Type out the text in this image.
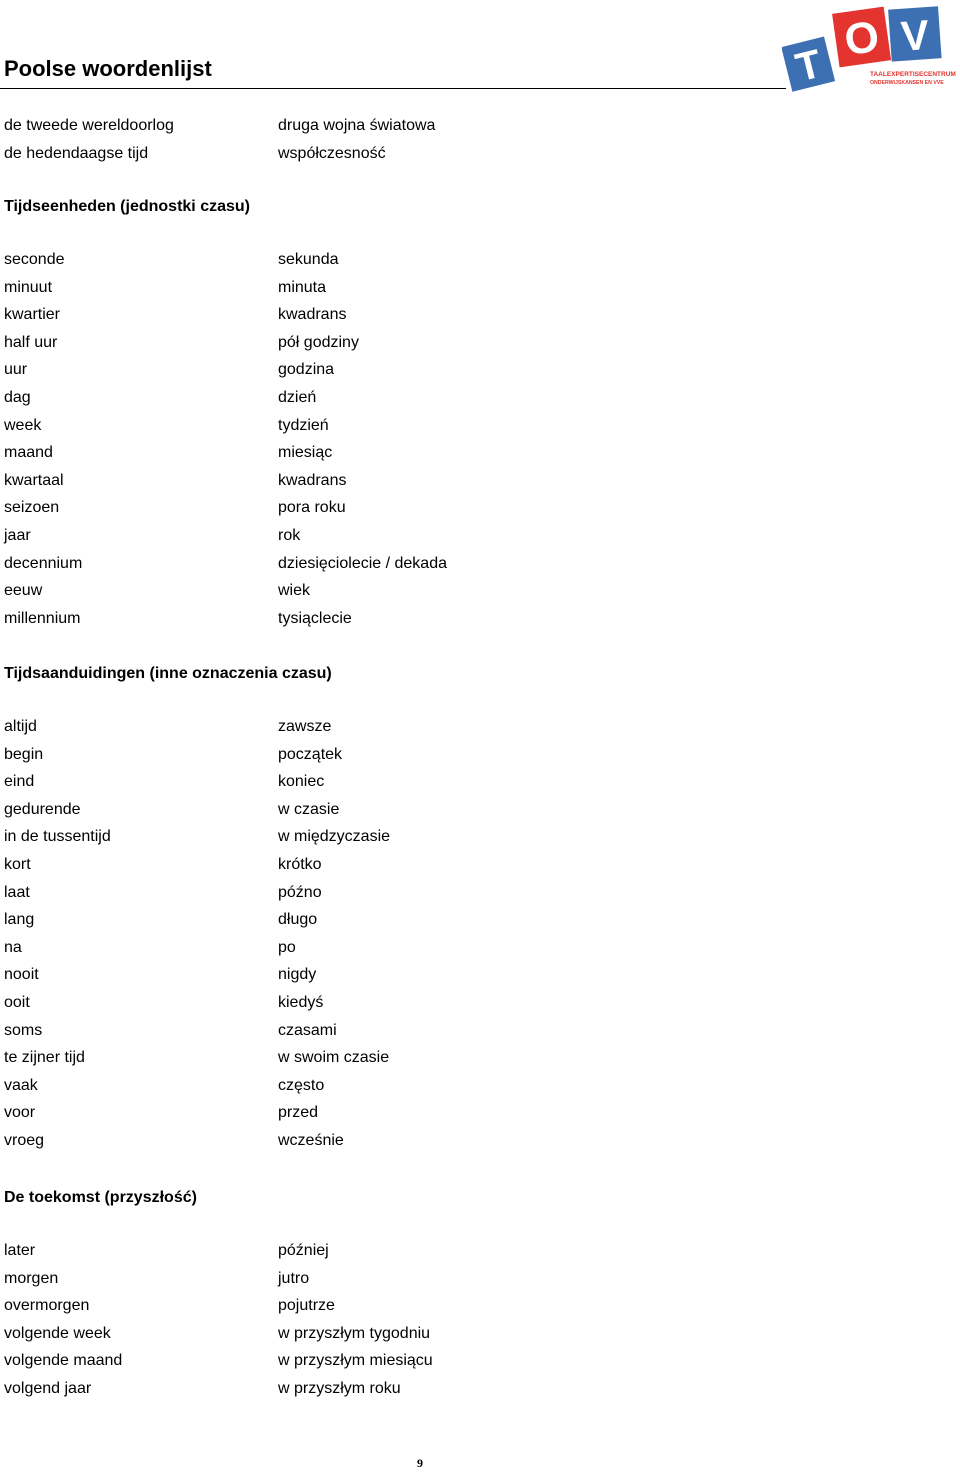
Poolse woordenlijst	T
O V
TAALEXPERTISECENTRUM
ONDERWIJSKANSEN EN VVE
de tweede wereldoorlog	druga wojna światowa
de hedendaagse tijd	współczesność
Tijdseenheden (jednostki czasu)
seconde	sekunda
minuut	minuta
kwartier	kwadrans
half uur	pół godziny
uur	godzina
dag	dzień
week	tydzień
maand	miesiąc
kwartaal	kwadrans
seizoen	pora roku
jaar	rok
decennium	dziesięciolecie / dekada
eeuw	wiek
millennium	tysiąclecie
Tijdsaanduidingen (inne oznaczenia czasu)
altijd	zawsze
begin	początek
eind	koniec
gedurende	w czasie
in de tussentijd	w międzyczasie
kort	krótko
laat	późno
lang	długo
na	po
nooit	nigdy
ooit	kiedyś
soms	czasami
te zijner tijd	w swoim czasie
vaak	często
voor	przed
vroeg	wcześnie
De toekomst (przyszłość)
later	później
morgen	jutro
overmorgen	pojutrze
volgende week	w przyszłym tygodniu
volgende maand	w przyszłym miesiącu
volgend jaar	w przyszłym roku
9
